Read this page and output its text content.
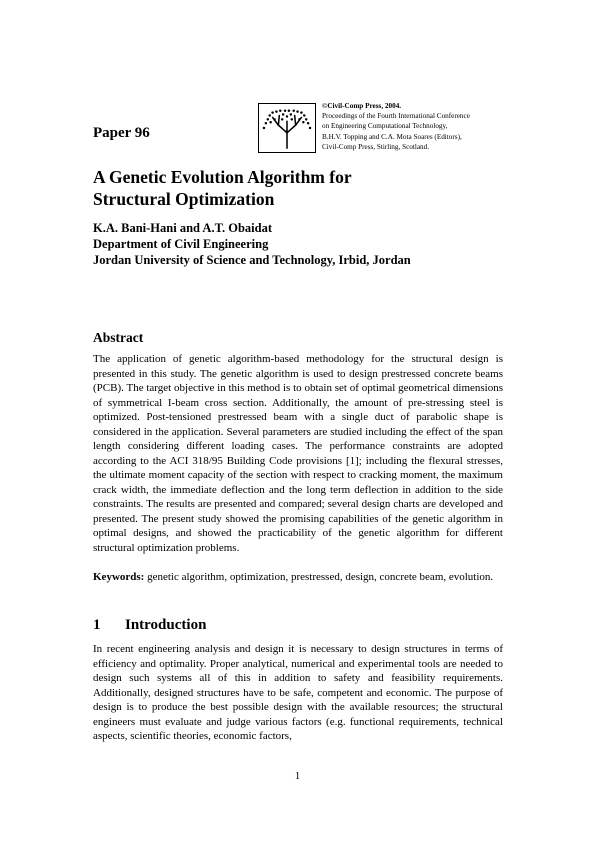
Paper 96
©Civil-Comp Press, 2004.
Proceedings of the Fourth International Conference
on Engineering Computational Technology,
B.H.V. Topping and C.A. Mota Soares (Editors),
Civil-Comp Press, Stirling, Scotland.
A Genetic Evolution Algorithm for
Structural Optimization
K.A. Bani-Hani and A.T. Obaidat
Department of Civil Engineering
Jordan University of Science and Technology, Irbid, Jordan
Abstract
The application of genetic algorithm-based methodology for the structural design is presented in this study. The genetic algorithm is used to design prestressed concrete beams (PCB). The target objective in this method is to obtain set of optimal geometrical dimensions of symmetrical I-beam cross section. Additionally, the amount of pre-stressing steel is optimized. Post-tensioned prestressed beam with a single duct of parabolic shape is considered in the application. Several parameters are studied including the effect of the span length considering different loading cases. The performance constraints are adopted according to the ACI 318/95 Building Code provisions [1]; including the flexural stresses, the ultimate moment capacity of the section with respect to cracking moment, the maximum crack width, the immediate deflection and the long term deflection in addition to the side constraints. The results are presented and compared; several design charts are developed and presented. The present study showed the promising capabilities of the genetic algorithm in optimal designs, and showed the practicability of the genetic algorithm for different structural optimization problems.
Keywords: genetic algorithm, optimization, prestressed, design, concrete beam, evolution.
1 Introduction
In recent engineering analysis and design it is necessary to design structures in terms of efficiency and optimality. Proper analytical, numerical and experimental tools are needed to design such systems all of this in addition to safety and feasibility requirements. Additionally, designed structures have to be safe, competent and economic. The purpose of design is to produce the best possible design with the available resources; the structural engineers must evaluate and judge various factors (e.g. functional requirements, technical aspects, scientific theories, economic factors,
1
